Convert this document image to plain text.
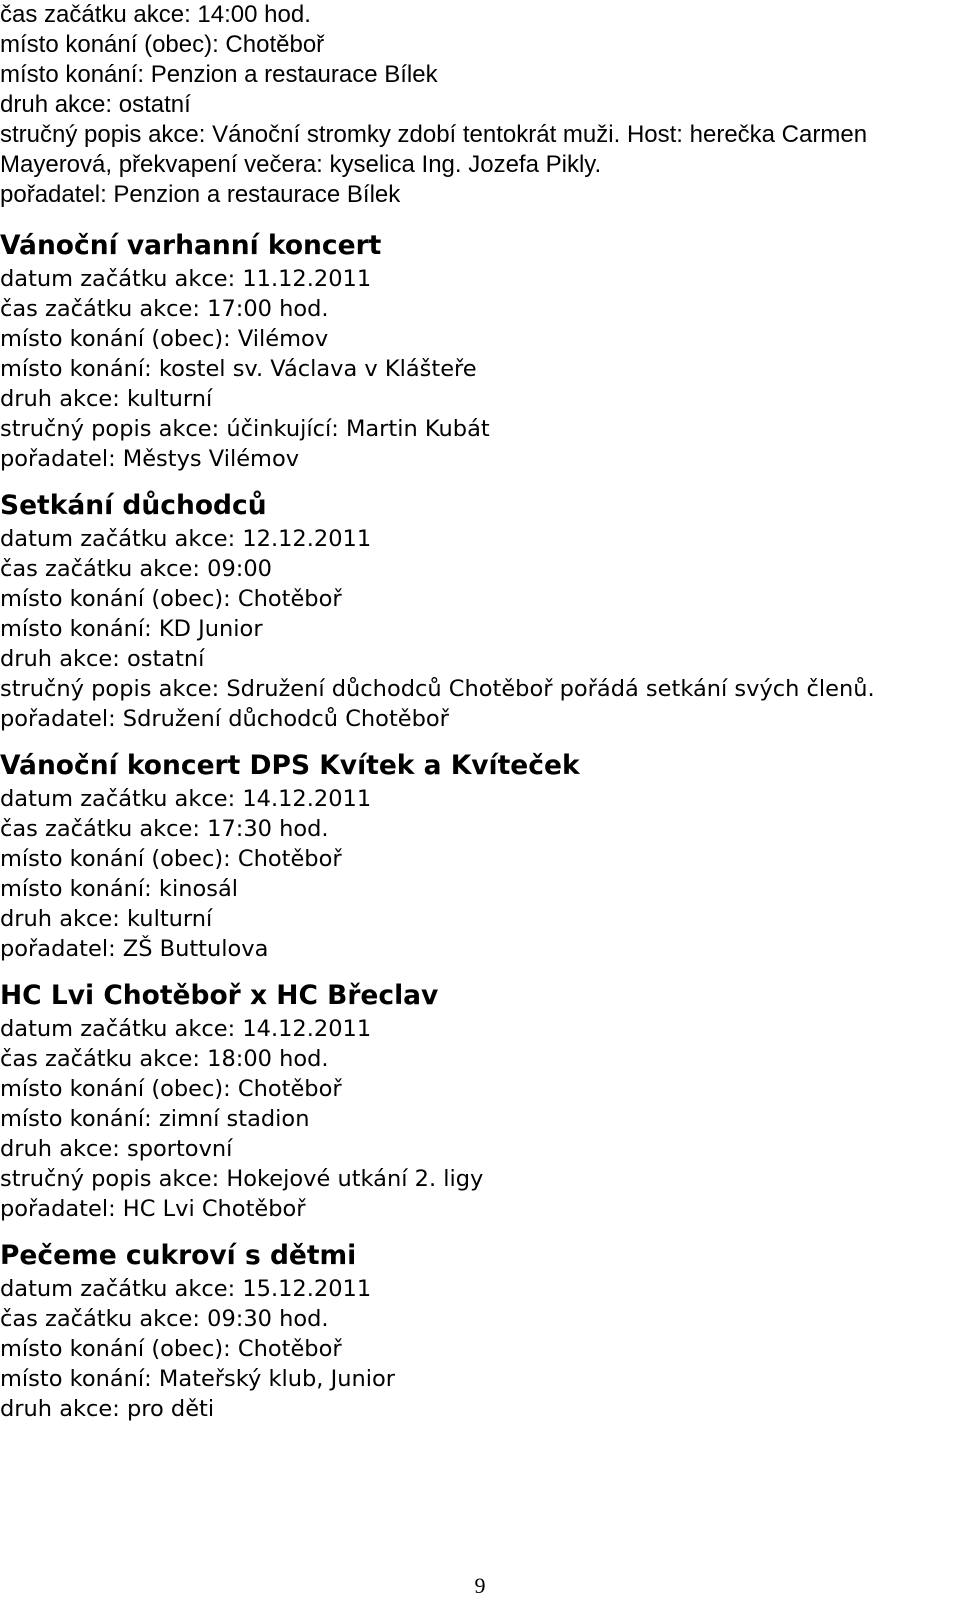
čas začátku akce: 14:00 hod.

místo konání (obec): Chotěboř

místo konání: Penzion a restaurace Bílek

druh akce: ostatní

stručný popis akce: Vánoční stromky zdobí tentokrát muži. Host: herečka Carmen

Mayerová, překvapení večera: kyselica Ing. Jozefa Pikly.

pořadatel: Penzion a restaurace Bílek

Vánoční varhanní koncert

datum začátku akce: 11.12.2011

čas začátku akce: 17:00 hod.

místo konání (obec): Vilémov

místo konání: kostel sv. Václava v Klášteře

druh akce: kulturní

stručný popis akce: účinkující: Martin Kubát

pořadatel: Městys Vilémov

Setkání důchodců

datum začátku akce: 12.12.2011

čas začátku akce: 09:00

místo konání (obec): Chotěboř

místo konání: KD Junior

druh akce: ostatní

stručný popis akce: Sdružení důchodců Chotěboř pořádá setkání svých členů.

pořadatel: Sdružení důchodců Chotěboř

Vánoční koncert DPS Kvítek a Kvíteček

datum začátku akce: 14.12.2011

čas začátku akce: 17:30 hod.

místo konání (obec): Chotěboř

místo konání: kinosál

druh akce: kulturní

pořadatel: ZŠ Buttulova

HC Lvi Chotěboř x HC Břeclav

datum začátku akce: 14.12.2011

čas začátku akce: 18:00 hod.

místo konání (obec): Chotěboř

místo konání: zimní stadion

druh akce: sportovní

stručný popis akce: Hokejové utkání 2. ligy

pořadatel: HC Lvi Chotěboř

Pečeme cukroví s dětmi

datum začátku akce: 15.12.2011

čas začátku akce: 09:30 hod.

místo konání (obec): Chotěboř

místo konání: Mateřský klub, Junior

druh akce: pro děti

9
